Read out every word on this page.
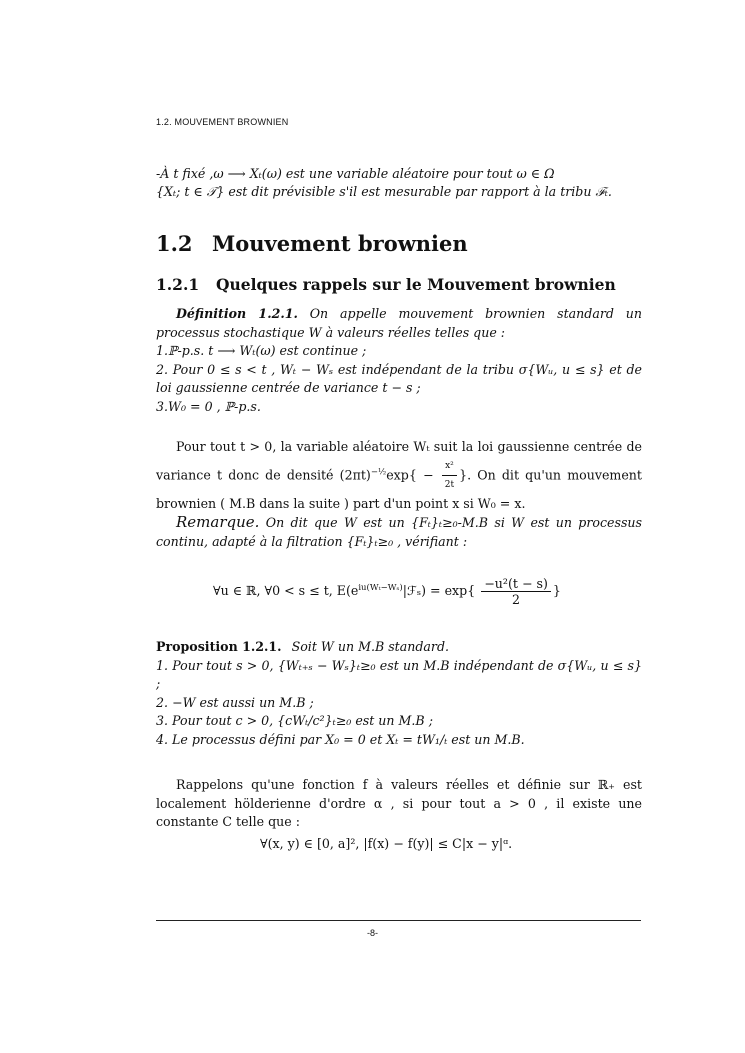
1.2. MOUVEMENT BROWNIEN
-À t fixé ,ω ⟶ Xₜ(ω) est une variable aléatoire pour tout ω ∈ Ω
{Xₜ; t ∈ 𝒯} est dit prévisible s'il est mesurable par rapport à la tribu ℱₜ.
1.2 Mouvement brownien
1.2.1 Quelques rappels sur le Mouvement brownien
Définition 1.2.1. On appelle mouvement brownien standard un processus stochastique W à valeurs réelles telles que :
1.ℙ-p.s. t ⟶ Wₜ(ω) est continue ;
2. Pour 0 ≤ s < t , Wₜ − Wₛ est indépendant de la tribu σ{Wᵤ, u ≤ s} et de loi gaussienne centrée de variance t − s ;
3.W₀ = 0 , ℙ-p.s.
Pour tout t > 0, la variable aléatoire Wₜ suit la loi gaussienne centrée de variance t donc de densité $(2\pi t)^{-\frac{1}{2}}\exp\{ - \frac{\text{x²}}{2t}$ }. On dit qu'un mouvement brownien ( M.B dans la suite ) part d'un point x si W₀ = x.
Remarque. On dit que W est un {Fₜ}ₜ≥₀-M.B si W est un processus continu, adapté à la filtration {Fₜ}ₜ≥₀ , vérifiant :
∀u ∈ ℝ, ∀0 < s ≤ t, $E(e^{iu(W_t-W_s)}|ℱ_s) = \exp\{ \frac{\text{−u²(t − s)}}{2}$ }
Proposition 1.2.1. Soit W un M.B standard.
1. Pour tout s > 0, {Wₜ₊ₛ − Wₛ}ₜ≥₀ est un M.B indépendant de σ{Wᵤ, u ≤ s} ;
2. −W est aussi un M.B ;
3. Pour tout c > 0, {cWₜ/c²}ₜ≥₀ est un M.B ;
4. Le processus défini par X₀ = 0 et Xₜ = tW₁/ₜ est un M.B.
Rappelons qu'une fonction f à valeurs réelles et définie sur ℝ₊ est localement hölderienne d'ordre α , si pour tout a > 0 , il existe une constante C telle que :
∀(x, y) ∈ [0, a]², |f(x) − f(y)| ≤ C|x − y|ᵅ.
-8-
